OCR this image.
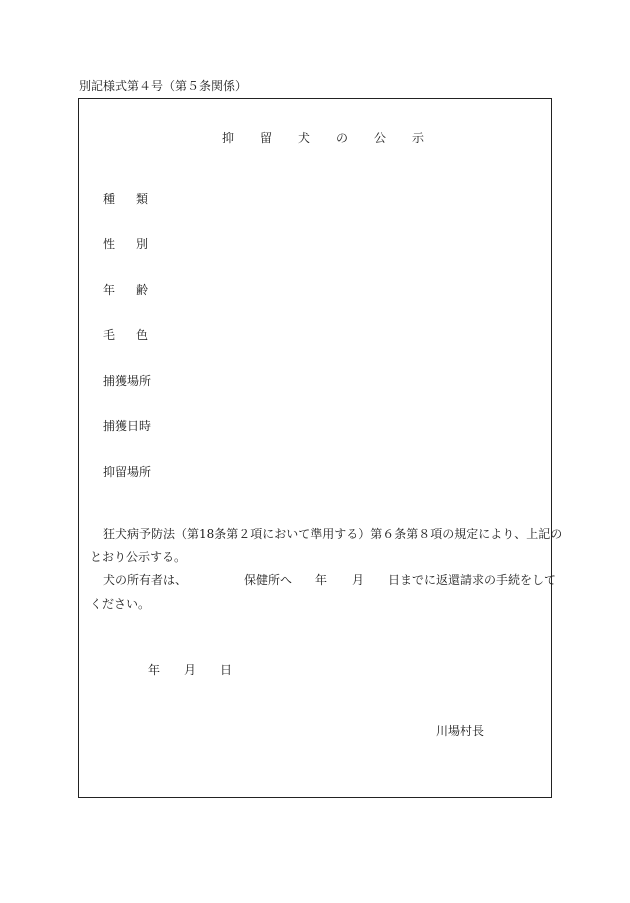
別記様式第４号（第５条関係）
抑留犬の公示
種類
性別
年齢
毛色
捕獲場所
捕獲日時
抑留場所
狂犬病予防法（第18条第２項において準用する）第６条第８項の規定により、上記の
とおり公示する。
犬の所有者は、	保健所へ 年 月 日までに返還請求の手続をして
ください。
年 月 日
川場村長
